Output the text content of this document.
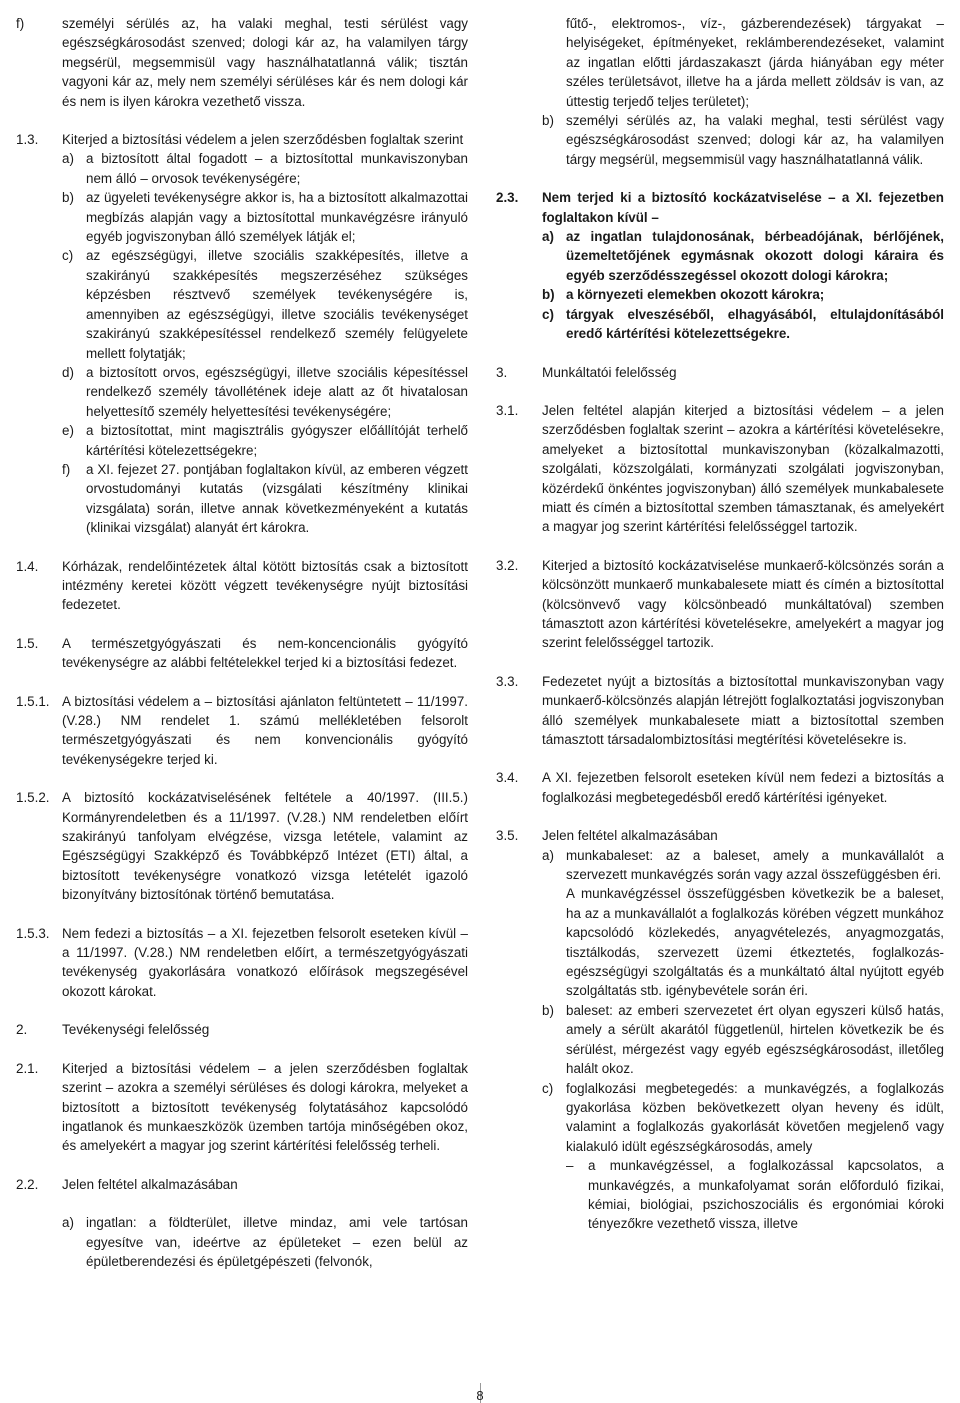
f)	személyi sérülés az, ha valaki meghal, testi sérülést vagy egészségkárosodást szenved; dologi kár az, ha valamilyen tárgy megsérül, megsemmisül vagy használhatatlanná válik; tisztán vagyoni kár az, mely nem személyi sérüléses kár és nem dologi kár és nem is ilyen károkra vezethető vissza.
1.3. Kiterjed a biztosítási védelem a jelen szerződésben foglaltak szerint
a) a biztosított által fogadott – a biztosítottal munkaviszonyban nem álló – orvosok tevékenységére;
b) az ügyeleti tevékenységre akkor is, ha a biztosított alkalmazottai megbízás alapján vagy a biztosítottal munkavégzésre irányuló egyéb jogviszonyban álló személyek látják el;
c) az egészségügyi, illetve szociális szakképesítés, illetve a szakirányú szakképesítés megszerzéséhez szükséges képzésben résztvevő személyek tevékenységére is, amennyiben az egészségügyi, illetve szociális tevékenységet szakirányú szakképesítéssel rendelkező személy felügyelete mellett folytatják;
d) a biztosított orvos, egészségügyi, illetve szociális képesítéssel rendelkező személy távollétének ideje alatt az őt hivatalosan helyettesítő személy helyettesítési tevékenységére;
e) a biztosítottat, mint magisztrális gyógyszer előállítóját terhelő kártérítési kötelezettségekre;
f) a XI. fejezet 27. pontjában foglaltakon kívül, az emberen végzett orvostudományi kutatás (vizsgálati készítmény klinikai vizsgálata) során, illetve annak következményeként a kutatás (klinikai vizsgálat) alanyát ért károkra.
1.4. Kórházak, rendelőintézetek által kötött biztosítás csak a biztosított intézmény keretei között végzett tevékenységre nyújt biztosítási fedezetet.
1.5. A természetgyógyászati és nem-koncencionális gyógyító tevékenységre az alábbi feltételekkel terjed ki a biztosítási fedezet.
1.5.1. A biztosítási védelem a – biztosítási ajánlaton feltüntetett – 11/1997. (V.28.) NM rendelet 1. számú mellékletében felsorolt természetgyógyászati és nem konvencionális gyógyító tevékenységekre terjed ki.
1.5.2. A biztosító kockázatviselésének feltétele a 40/1997. (III.5.) Kormányrendeletben és a 11/1997. (V.28.) NM rendeletben előírt szakirányú tanfolyam elvégzése, vizsga letétele, valamint az Egészségügyi Szakképző és Továbbképző Intézet (ETI) által, a biztosított tevékenységre vonatkozó vizsga letételét igazoló bizonyítvány biztosítónak történő bemutatása.
1.5.3. Nem fedezi a biztosítás – a XI. fejezetben felsorolt eseteken kívül – a 11/1997. (V.28.) NM rendeletben előírt, a természetgyógyászati tevékenység gyakorlására vonatkozó előírások megszegésével okozott károkat.
2.	Tevékenységi felelősség
2.1. Kiterjed a biztosítási védelem – a jelen szerződésben foglaltak szerint – azokra a személyi sérüléses és dologi károkra, melyeket a biztosított a biztosított tevékenység folytatásához kapcsolódó ingatlanok és munkaeszközök üzemben tartója minőségében okoz, és amelyekért a magyar jog szerint kártérítési felelősség terheli.
2.2. Jelen feltétel alkalmazásában
a) ingatlan: a földterület, illetve mindaz, ami vele tartósan egyesítve van, ideértve az épületeket – ezen belül az épületberendezési és épületgépészeti (felvonók,
fűtő-, elektromos-, víz-, gázberendezések) tárgyakat – helyiségeket, építményeket, reklámberendezéseket, valamint az ingatlan előtti járdaszakaszt (járda hiányában egy méter széles területsávot, illetve ha a járda mellett zöldsáv is van, az úttestig terjedő teljes területet);
b) személyi sérülés az, ha valaki meghal, testi sérülést vagy egészségkárosodást szenved; dologi kár az, ha valamilyen tárgy megsérül, megsemmisül vagy használhatatlanná válik.
2.3. Nem terjed ki a biztosító kockázatviselése – a XI. fejezetben foglaltakon kívül –
a) az ingatlan tulajdonosának, bérbeadójának, bérlőjének, üzemeltetőjének egymásnak okozott dologi káraira és egyéb szerződésszegéssel okozott dologi károkra;
b) a környezeti elemekben okozott károkra;
c) tárgyak elveszéséből, elhagyásából, eltulajdonításából eredő kártérítési kötelezettségekre.
3.	Munkáltatói felelősség
3.1. Jelen feltétel alapján kiterjed a biztosítási védelem – a jelen szerződésben foglaltak szerint – azokra a kártérítési követelésekre, amelyeket a biztosítottal munkaviszonyban (közalkalmazotti, szolgálati, közszolgálati, kormányzati szolgálati jogviszonyban, közérdekű önkéntes jogviszonyban) álló személyek munkabalesete miatt és címén a biztosítottal szemben támasztanak, és amelyekért a magyar jog szerint kártérítési felelősséggel tartozik.
3.2. Kiterjed a biztosító kockázatviselése munkaerő-kölcsönzés során a kölcsönzött munkaerő munkabalesete miatt és címén a biztosítottal (kölcsönvevő vagy kölcsönbeadó munkáltatóval) szemben támasztott azon kártérítési követelésekre, amelyekért a magyar jog szerint felelősséggel tartozik.
3.3. Fedezetet nyújt a biztosítás a biztosítottal munkaviszonyban vagy munkaerő-kölcsönzés alapján létrejött foglalkoztatási jogviszonyban álló személyek munkabalesete miatt a biztosítottal szemben támasztott társadalombiztosítási megtérítési követelésekre is.
3.4. A XI. fejezetben felsorolt eseteken kívül nem fedezi a biztosítás a foglalkozási megbetegedésből eredő kártérítési igényeket.
3.5. Jelen feltétel alkalmazásában
a) munkabaleset: az a baleset, amely a munkavállalót a szervezett munkavégzés során vagy azzal összefüggésben éri.
A munkavégzéssel összefüggésben következik be a baleset, ha az a munkavállalót a foglalkozás körében végzett munkához kapcsolódó közlekedés, anyagvételezés, anyagmozgatás, tisztálkodás, szervezett üzemi étkeztetés, foglalkozás-egészségügyi szolgáltatás és a munkáltató által nyújtott egyéb szolgáltatás stb. igénybevétele során éri.
b) baleset: az emberi szervezetet ért olyan egyszeri külső hatás, amely a sérült akarától függetlenül, hirtelen következik be és sérülést, mérgezést vagy egyéb egészségkárosodást, illetőleg halált okoz.
c) foglalkozási megbetegedés: a munkavégzés, a foglalkozás gyakorlása közben bekövetkezett olyan heveny és idült, valamint a foglalkozás gyakorlását követően megjelenő vagy kialakuló idült egészségkárosodás, amely
– a munkavégzéssel, a foglalkozással kapcsolatos, a munkavégzés, a munkafolyamat során előforduló fizikai, kémiai, biológiai, pszichoszociális és ergonómiai kóroki tényezőkre vezethető vissza, illetve
8
